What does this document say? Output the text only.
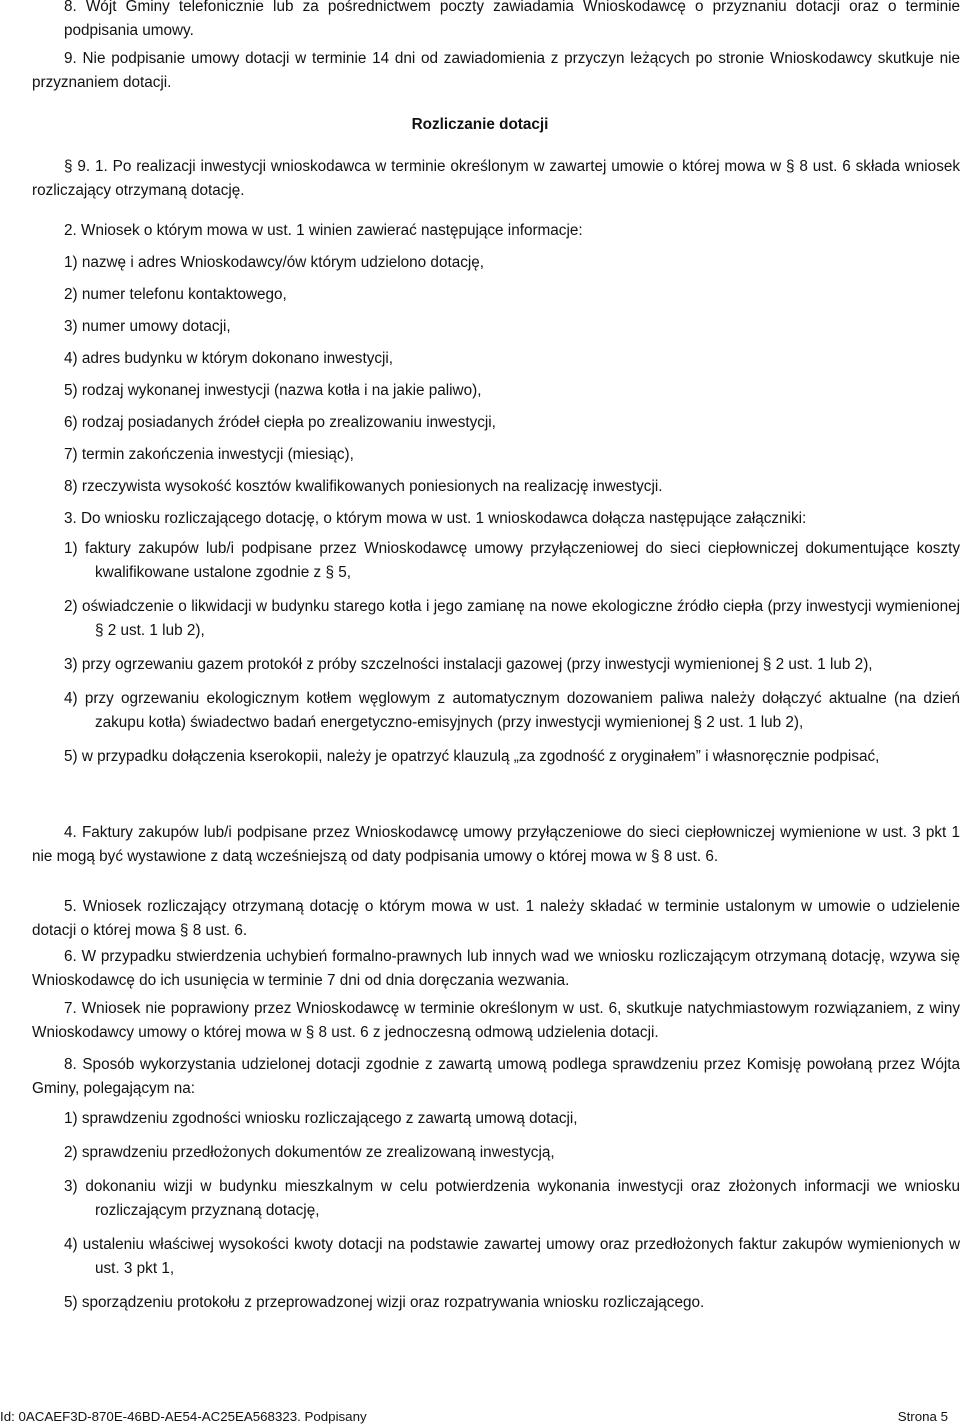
8. Wójt Gminy telefonicznie lub za pośrednictwem poczty zawiadamia Wnioskodawcę o przyznaniu dotacji oraz o terminie podpisania umowy.

9. Nie podpisanie umowy dotacji w terminie 14 dni od zawiadomienia z przyczyn leżących po stronie Wnioskodawcy skutkuje nie przyznaniem dotacji.

Rozliczanie dotacji

§ 9. 1. Po realizacji inwestycji wnioskodawca w terminie określonym w zawartej umowie o której mowa w § 8 ust. 6 składa wniosek rozliczający otrzymaną dotację.

2. Wniosek o którym mowa w ust. 1 winien zawierać następujące informacje:

1) nazwę i adres Wnioskodawcy/ów którym udzielono dotację,

2) numer telefonu kontaktowego,

3) numer umowy dotacji,

4) adres budynku w którym dokonano inwestycji,

5) rodzaj wykonanej inwestycji (nazwa kotła i na jakie paliwo),

6) rodzaj posiadanych źródeł ciepła po zrealizowaniu inwestycji,

7) termin zakończenia inwestycji (miesiąc),

8) rzeczywista wysokość kosztów kwalifikowanych poniesionych na realizację inwestycji.

3. Do wniosku rozliczającego dotację, o którym mowa w ust. 1 wnioskodawca dołącza następujące załączniki:

1) faktury zakupów lub/i podpisane przez Wnioskodawcę umowy przyłączeniowej do sieci ciepłowniczej dokumentujące koszty kwalifikowane ustalone zgodnie z § 5,

2) oświadczenie o likwidacji w budynku starego kotła i jego zamianę na nowe ekologiczne źródło ciepła (przy inwestycji wymienionej § 2 ust. 1 lub 2),

3) przy ogrzewaniu gazem protokół z próby szczelności instalacji gazowej (przy inwestycji wymienionej § 2 ust. 1 lub 2),

4) przy ogrzewaniu ekologicznym kotłem węglowym z automatycznym dozowaniem paliwa należy dołączyć aktualne (na dzień zakupu kotła) świadectwo badań energetyczno-emisyjnych (przy inwestycji wymienionej § 2 ust. 1 lub 2),

5) w przypadku dołączenia kserokopii, należy je opatrzyć klauzulą „za zgodność z oryginałem” i własnoręcznie podpisać,

4. Faktury zakupów lub/i podpisane przez Wnioskodawcę umowy przyłączeniowe do sieci ciepłowniczej wymienione w ust. 3 pkt 1 nie mogą być wystawione z datą wcześniejszą od daty podpisania umowy o której mowa w § 8 ust. 6.

5. Wniosek rozliczający otrzymaną dotację o którym mowa w ust. 1 należy składać w terminie ustalonym w umowie o udzielenie dotacji o której mowa § 8 ust. 6.

6. W przypadku stwierdzenia uchybień formalno-prawnych lub innych wad we wniosku rozliczającym otrzymaną dotację, wzywa się Wnioskodawcę do ich usunięcia w terminie 7 dni od dnia doręczania wezwania.

7. Wniosek nie poprawiony przez Wnioskodawcę w terminie określonym w ust. 6, skutkuje natychmiastowym rozwiązaniem, z winy Wnioskodawcy umowy o której mowa w § 8 ust. 6 z jednoczesną odmową udzielenia dotacji.

8. Sposób wykorzystania udzielonej dotacji zgodnie z zawartą umową podlega sprawdzeniu przez Komisję powołaną przez Wójta Gminy, polegającym na:

1) sprawdzeniu zgodności wniosku rozliczającego z zawartą umową dotacji,

2) sprawdzeniu przedłożonych dokumentów ze zrealizowaną inwestycją,

3) dokonaniu wizji w budynku mieszkalnym w celu potwierdzenia wykonania inwestycji oraz złożonych informacji we wniosku rozliczającym przyznaną dotację,

4) ustaleniu właściwej wysokości kwoty dotacji na podstawie zawartej umowy oraz przedłożonych faktur zakupów wymienionych w ust. 3 pkt 1,

5) sporządzeniu protokołu z przeprowadzonej wizji oraz rozpatrywania wniosku rozliczającego.

Id: 0ACAEF3D-870E-46BD-AE54-AC25EA568323. Podpisany	Strona 5
